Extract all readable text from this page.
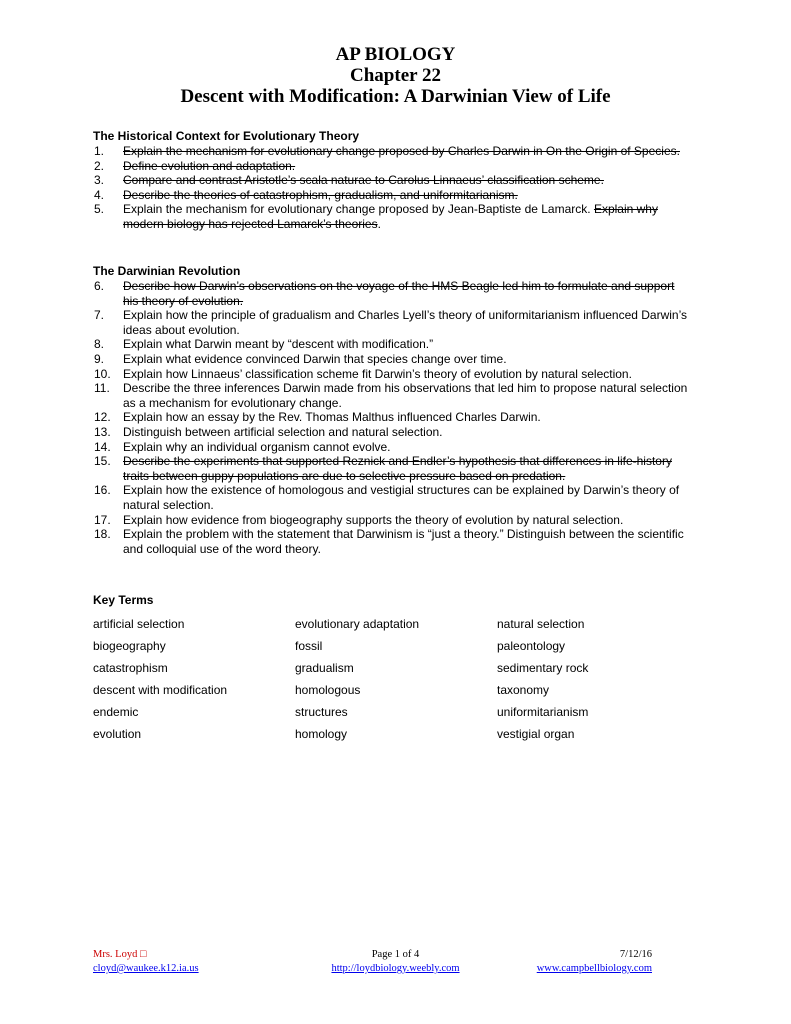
AP BIOLOGY
Chapter 22
Descent with Modification: A Darwinian View of Life
The Historical Context for Evolutionary Theory
1.	Explain the mechanism for evolutionary change proposed by Charles Darwin in On the Origin of Species.
2.	Define evolution and adaptation.
3.	Compare and contrast Aristotle’s scala naturae to Carolus Linnaeus’ classification scheme.
4.	Describe the theories of catastrophism, gradualism, and uniformitarianism.
5.	Explain the mechanism for evolutionary change proposed by Jean-Baptiste de Lamarck. Explain why modern biology has rejected Lamarck’s theories.
The Darwinian Revolution
6.	Describe how Darwin’s observations on the voyage of the HMS Beagle led him to formulate and support his theory of evolution.
7.	Explain how the principle of gradualism and Charles Lyell’s theory of uniformitarianism influenced Darwin’s ideas about evolution.
8.	Explain what Darwin meant by “descent with modification.”
9.	Explain what evidence convinced Darwin that species change over time.
10.	Explain how Linnaeus’ classification scheme fit Darwin’s theory of evolution by natural selection.
11.	Describe the three inferences Darwin made from his observations that led him to propose natural selection as a mechanism for evolutionary change.
12.	Explain how an essay by the Rev. Thomas Malthus influenced Charles Darwin.
13.	Distinguish between artificial selection and natural selection.
14.	Explain why an individual organism cannot evolve.
15.	Describe the experiments that supported Reznick and Endler’s hypothesis that differences in life-history traits between guppy populations are due to selective pressure based on predation.
16.	Explain how the existence of homologous and vestigial structures can be explained by Darwin’s theory of natural selection.
17.	Explain how evidence from biogeography supports the theory of evolution by natural selection.
18.	Explain the problem with the statement that Darwinism is “just a theory.” Distinguish between the scientific and colloquial use of the word theory.
Key Terms
artificial selection	evolutionary adaptation	natural selection
biogeography	fossil	paleontology
catastrophism	gradualism	sedimentary rock
descent with modification	homologous	taxonomy
endemic	structures	uniformitarianism
evolution	homology	vestigial organ
Mrs. Loyd □	Page 1 of 4	7/12/16
cloyd@waukee.k12.ia.us	http://loydbiology.weebly.com	www.campbellbiology.com
